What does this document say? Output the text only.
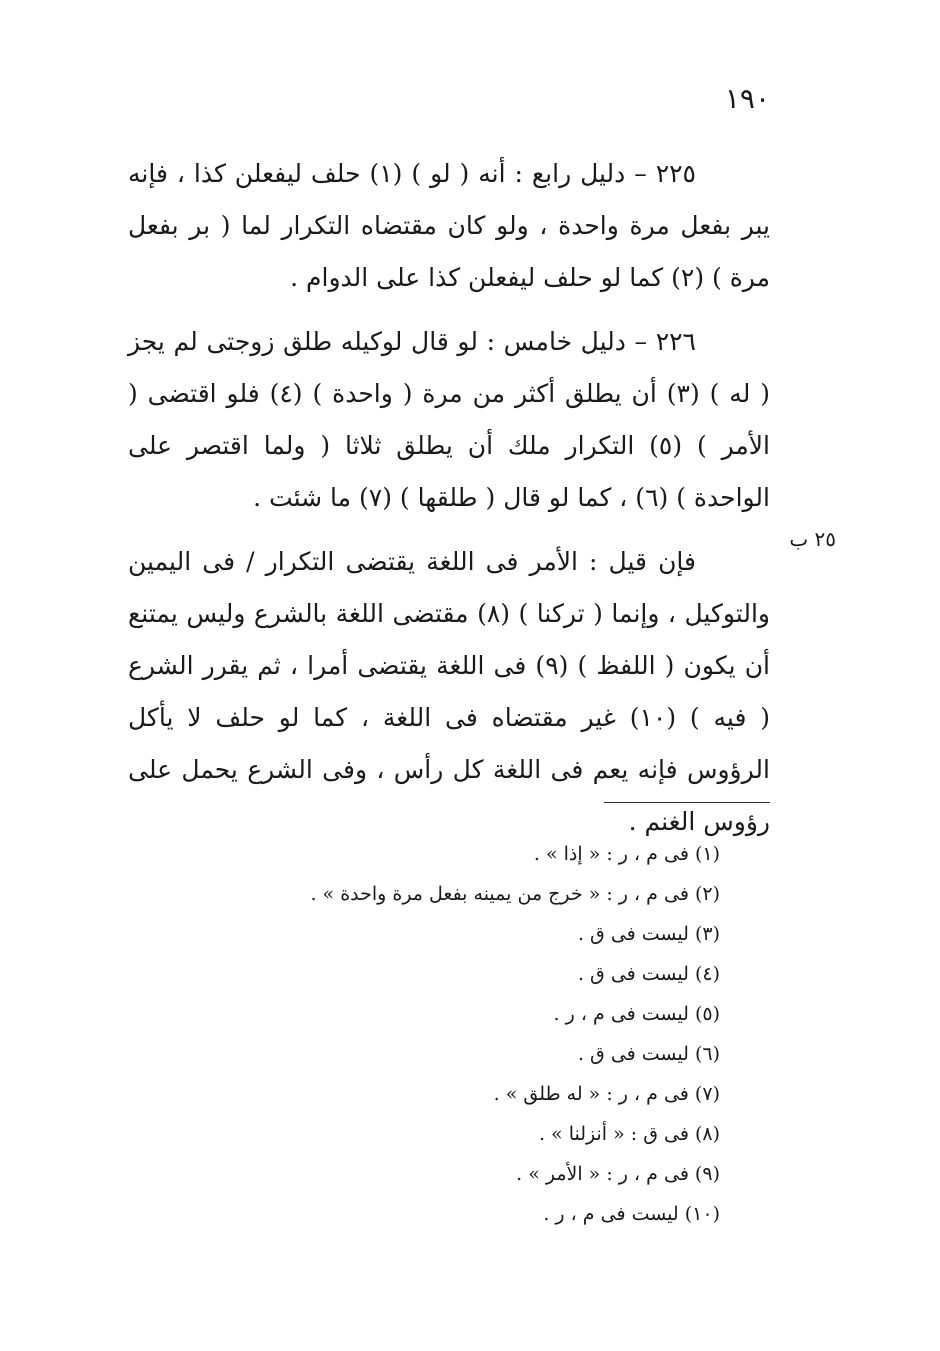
١٩٠

٢٢٥ – دليل رابع : أنه ( لو ) (١) حلف ليفعلن كذا ، فإنه يبر بفعل مرة واحدة ، ولو كان مقتضاه التكرار لما ( بر بفعل مرة ) (٢) كما لو حلف ليفعلن كذا على الدوام .

٢٢٦ – دليل خامس : لو قال لوكيله طلق زوجتى لم يجز ( له ) (٣) أن يطلق أكثر من مرة ( واحدة ) (٤) فلو اقتضى ( الأمر ) (٥) التكرار ملك أن يطلق ثلاثا ( ولما اقتصر على الواحدة ) (٦) ، كما لو قال ( طلقها ) (٧) ما شئت .

فإن قيل : الأمر فى اللغة يقتضى التكرار / فى اليمين والتوكيل ، وإنما ( تركنا ) (٨) مقتضى اللغة بالشرع وليس يمتنع أن يكون ( اللفظ ) (٩) فى اللغة يقتضى أمرا ، ثم يقرر الشرع ( فيه ) (١٠) غير مقتضاه فى اللغة ، كما لو حلف لا يأكل الرؤوس فإنه يعم فى اللغة كل رأس ، وفى الشرع يحمل على رؤوس الغنم .

٢٥ ب
(١) فى م ، ر : « إذا » .
(٢) فى م ، ر : « خرج من يمينه بفعل مرة واحدة » .
(٣) ليست فى ق .
(٤) ليست فى ق .
(٥) ليست فى م ، ر .
(٦) ليست فى ق .
(٧) فى م ، ر : « له طلق » .
(٨) فى ق : « أنزلنا » .
(٩) فى م ، ر : « الأمر » .
(١٠) ليست فى م ، ر .
